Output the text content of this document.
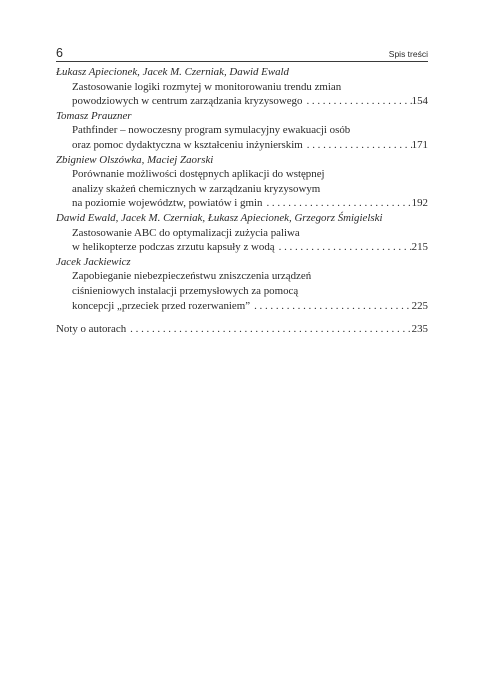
6	Spis treści
Łukasz Apiecionek, Jacek M. Czerniak, Dawid Ewald
Zastosowanie logiki rozmytej w monitorowaniu trendu zmian
powodziowych w centrum zarządzania kryzysowego . . .	154
Tomasz Prauzner
Pathfinder – nowoczesny program symulacyjny ewakuacji osób
oraz pomoc dydaktyczna w kształceniu inżynierskim . . .	171
Zbigniew Olszówka, Maciej Zaorski
Porównanie możliwości dostępnych aplikacji do wstępnej
analizy skażeń chemicznych w zarządzaniu kryzysowym
na poziomie województw, powiatów i gmin . . .	192
Dawid Ewald, Jacek M. Czerniak, Łukasz Apiecionek, Grzegorz Śmigielski
Zastosowanie ABC do optymalizacji zużycia paliwa
w helikopterze podczas zrzutu kapsuły z wodą . . .	215
Jacek Jackiewicz
Zapobieganie niebezpieczeństwu zniszczenia urządzeń
ciśnieniowych instalacji przemysłowych za pomocą
koncepcji „przeciek przed rozerwaniem” . . .	225
Noty o autorach . . .	235
